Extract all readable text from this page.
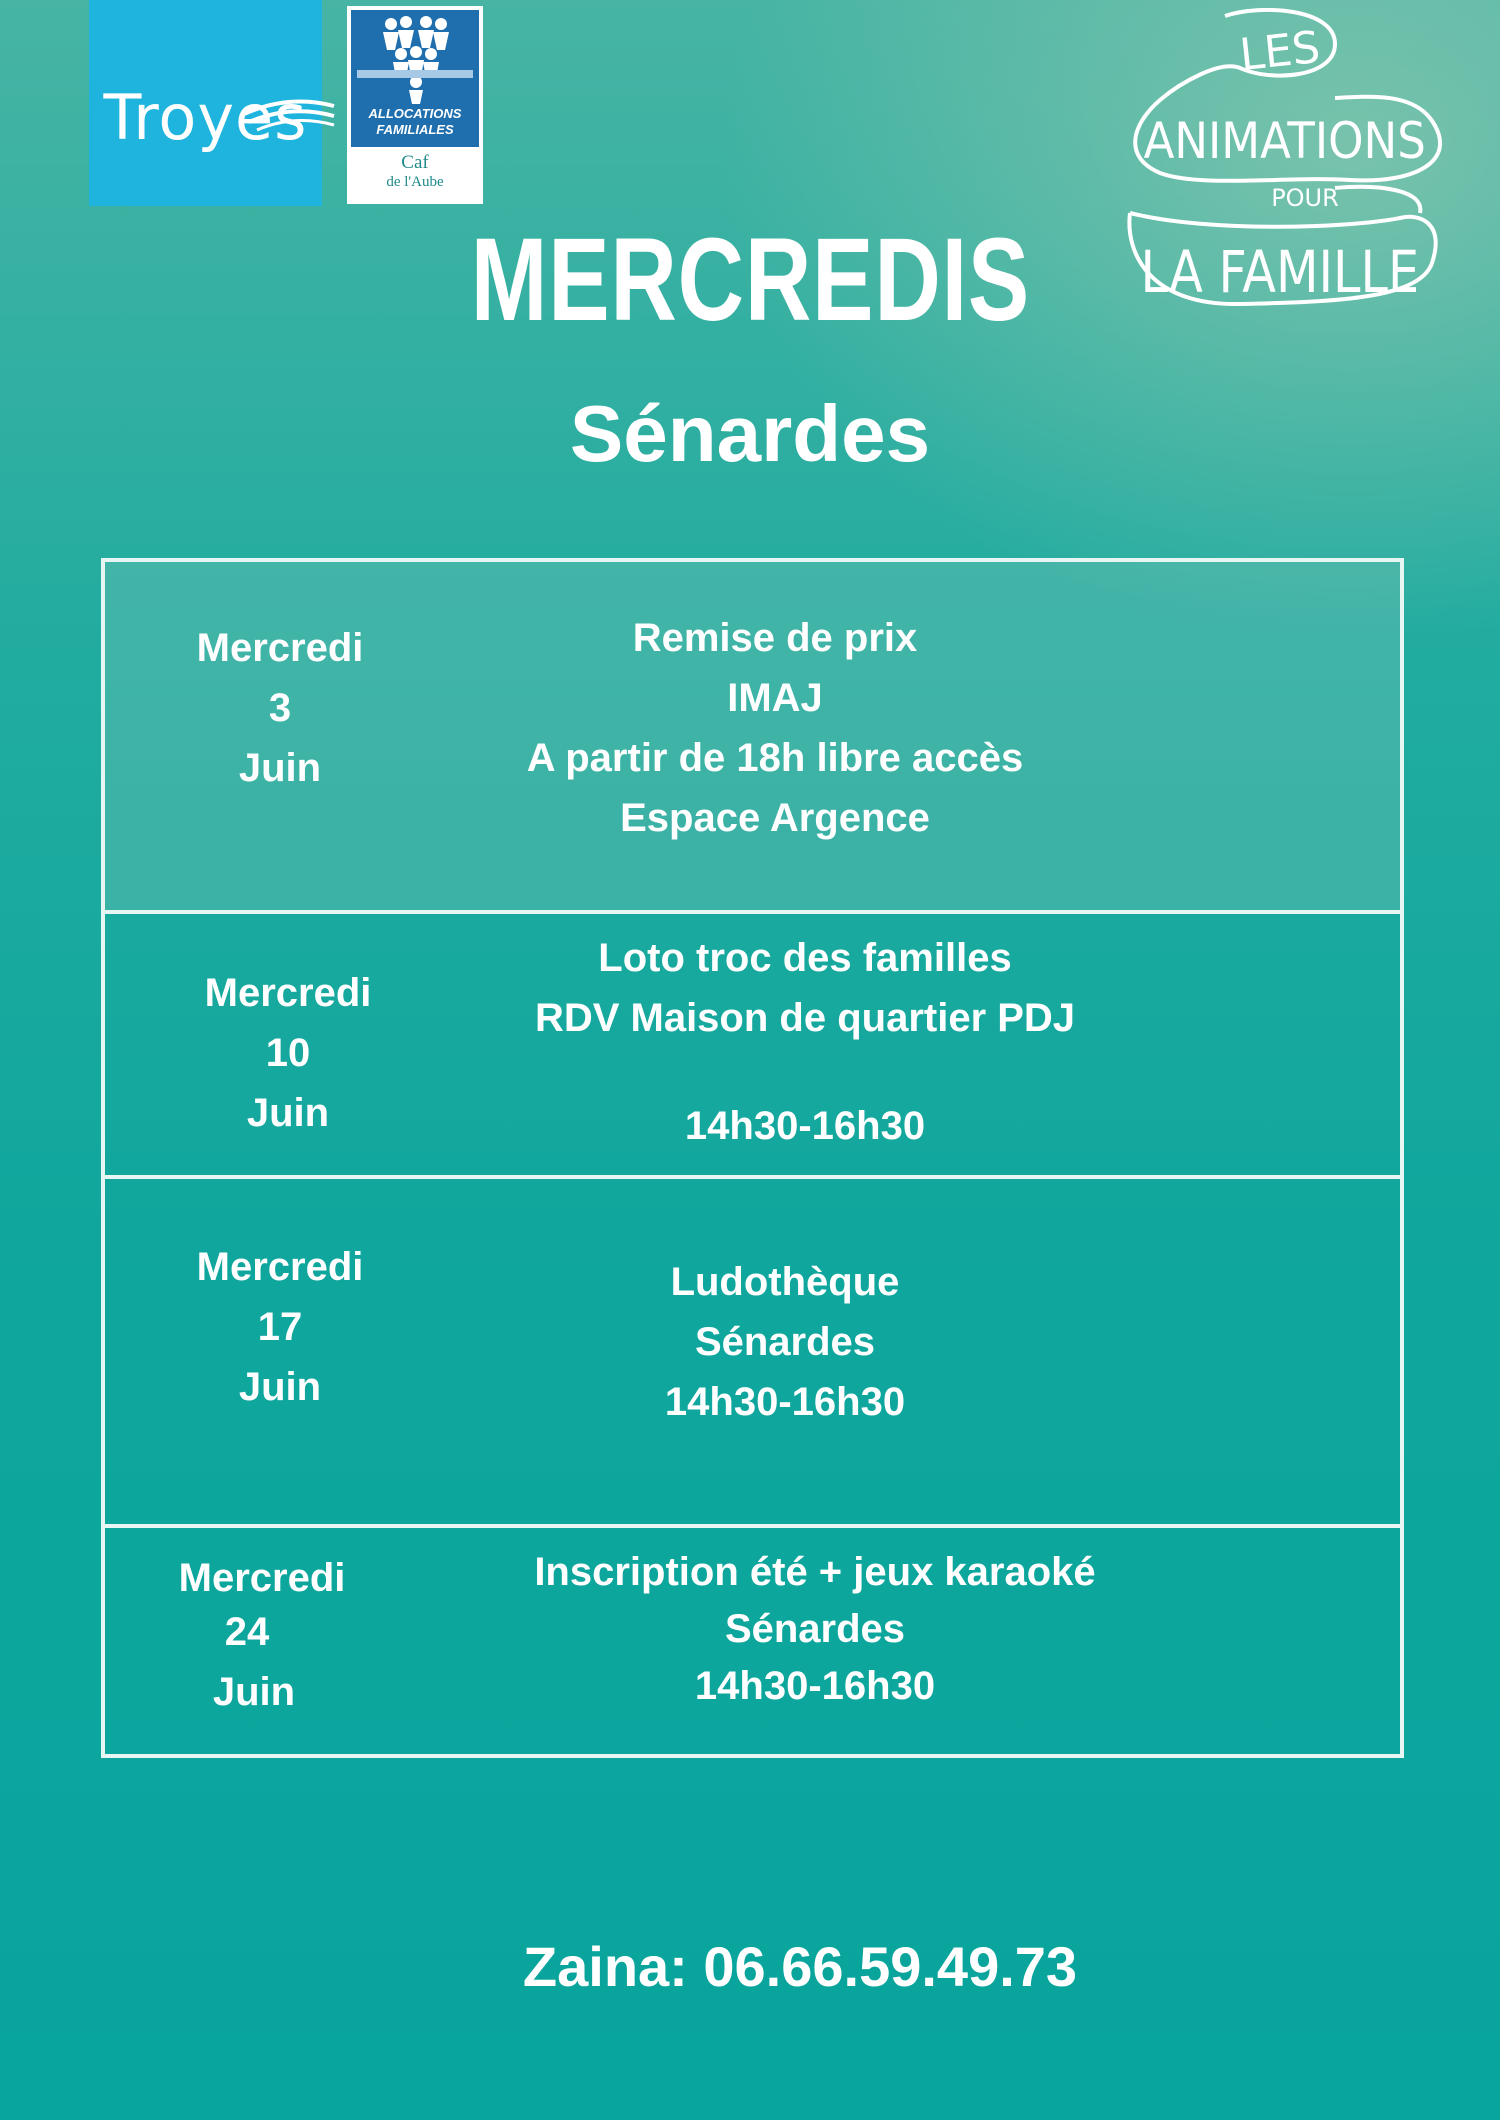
Troyes	ALLOCATIONS
FAMILIALES
Caf
de l'Aube
LES
ANIMATIONS
POUR
LA FAMILLE
MERCREDIS
Sénardes
Mercredi
3
Juin
Remise de prix
IMAJ
A partir de 18h libre accès
Espace Argence
Mercredi
10
Juin
Loto troc des familles
RDV Maison de quartier PDJ
14h30-16h30
Mercredi
17
Juin
Ludothèque
Sénardes
14h30-16h30
Mercredi
24
Juin
Inscription été + jeux karaoké
Sénardes
14h30-16h30
Zaina: 06.66.59.49.73
